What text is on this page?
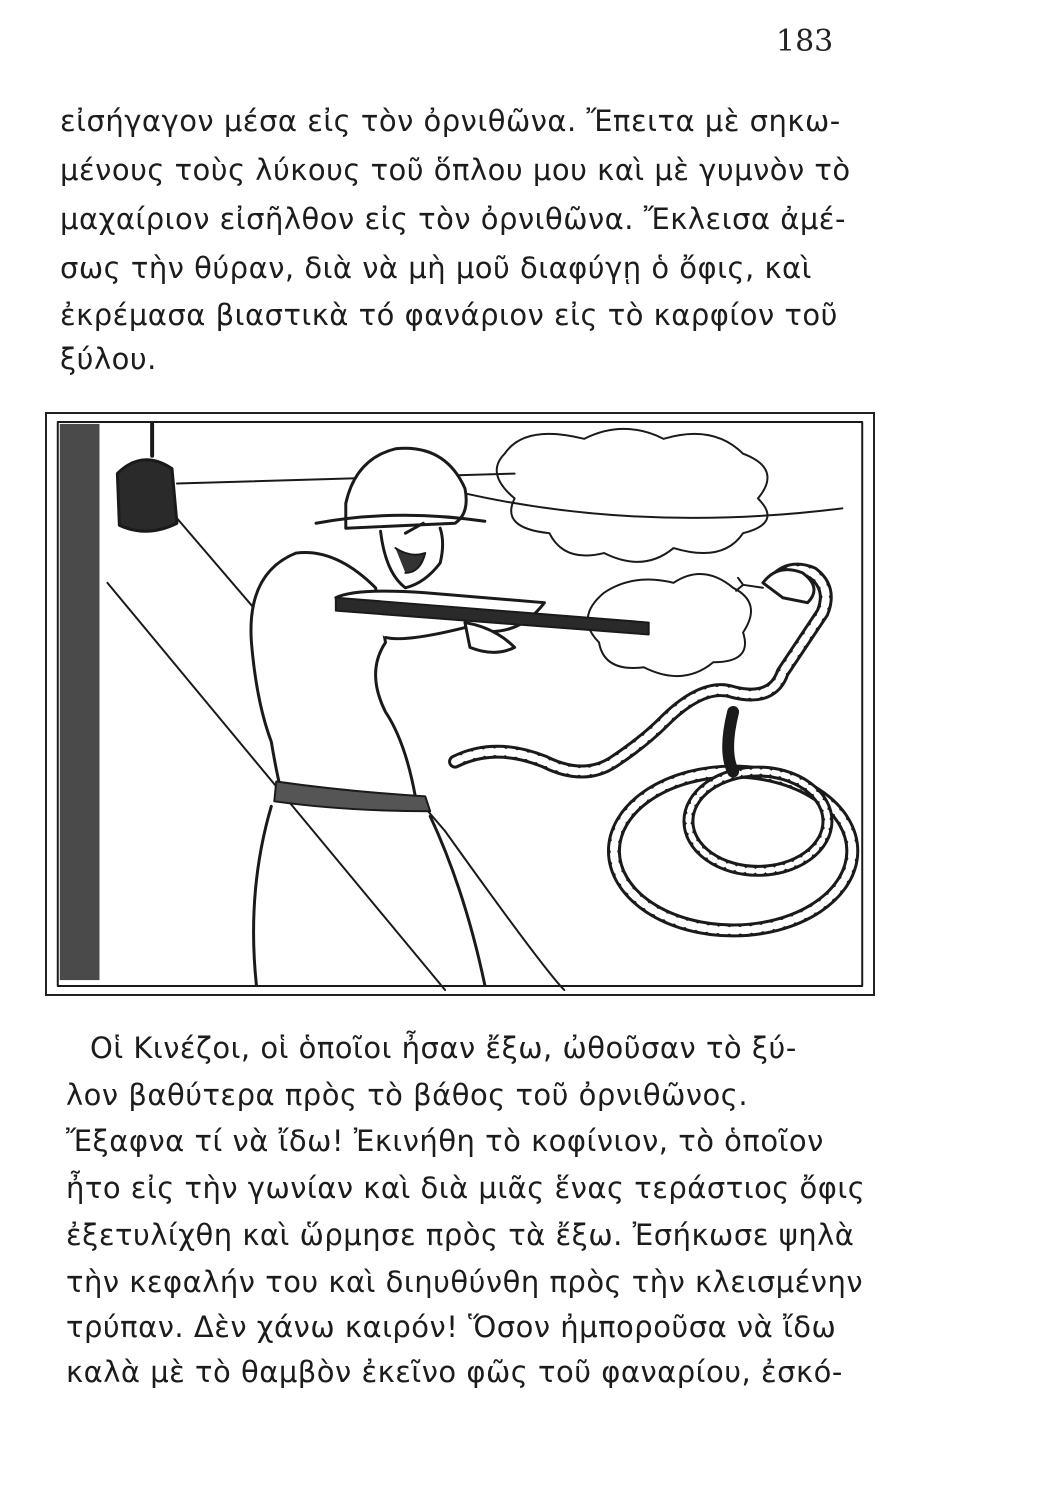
183
εἰσήγαγον μέσα εἰς τὸν ὀρνιθῶνα. Ἔπειτα μὲ σηκω-
μένους τοὺς λύκους τοῦ ὅπλου μου καὶ μὲ γυμνὸν τὸ
μαχαίριον εἰσῆλθον εἰς τὸν ὀρνιθῶνα. Ἔκλεισα ἀμέ-
σως τὴν θύραν, διὰ νὰ μὴ μοῦ διαφύγῃ ὁ ὄφις, καὶ
ἐκρέμασα βιαστικὰ τό φανάριον εἰς τὸ καρφίον τοῦ
ξύλου.
Οἱ Κινέζοι, οἱ ὁποῖοι ἦσαν ἔξω, ὠθοῦσαν τὸ ξύ-
λον βαθύτερα πρὸς τὸ βάθος τοῦ ὀρνιθῶνος.
Ἔξαφνα τί νὰ ἴδω! Ἐκινήθη τὸ κοφίνιον, τὸ ὁποῖον
ἦτο εἰς τὴν γωνίαν καὶ διὰ μιᾶς ἕνας τεράστιος ὄφις
ἐξετυλίχθη καὶ ὥρμησε πρὸς τὰ ἔξω. Ἐσήκωσε ψηλὰ
τὴν κεφαλήν του καὶ διηυθύνθη πρὸς τὴν κλεισμένην
τρύπαν. Δὲν χάνω καιρόν! Ὅσον ἠμποροῦσα νὰ ἴδω
καλὰ μὲ τὸ θαμβὸν ἐκεῖνο φῶς τοῦ φαναρίου, ἐσκό-
